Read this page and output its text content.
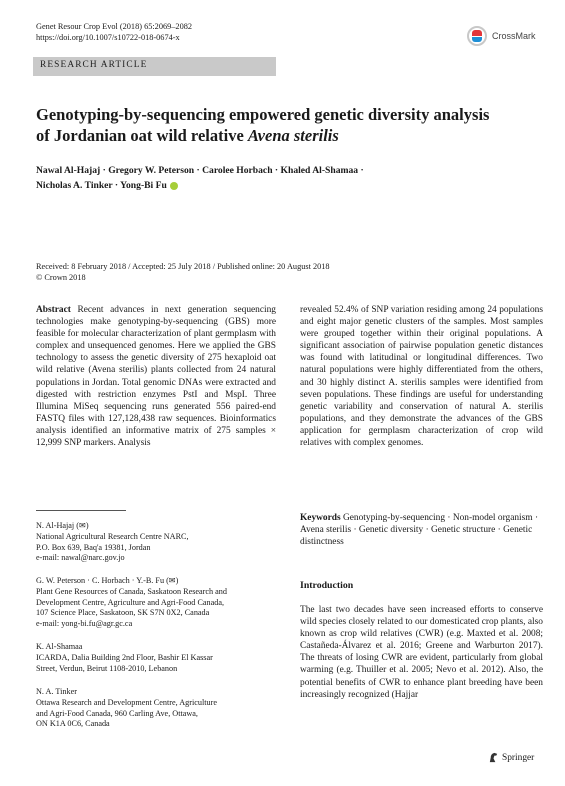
Genet Resour Crop Evol (2018) 65:2069–2082
https://doi.org/10.1007/s10722-018-0674-x	CrossMark
RESEARCH ARTICLE
Genotyping-by-sequencing empowered genetic diversity analysis of Jordanian oat wild relative Avena sterilis
Nawal Al-Hajaj · Gregory W. Peterson · Carolee Horbach · Khaled Al-Shamaa ·
Nicholas A. Tinker · Yong-Bi Fu
Received: 8 February 2018 / Accepted: 25 July 2018 / Published online: 20 August 2018
© Crown 2018

Abstract Recent advances in next generation sequencing technologies make genotyping-by-sequencing (GBS) more feasible for molecular characterization of plant germplasm with complex and unsequenced genomes. Here we applied the GBS technology to assess the genetic diversity of 275 hexaploid oat wild relative (Avena sterilis) plants collected from 24 natural populations in Jordan. Total genomic DNAs were extracted and digested with restriction enzymes PstI and MspI. Three Illumina MiSeq sequencing runs generated 556 paired-end FASTQ files with 127,128,438 raw sequences. Bioinformatics analysis identified an informative matrix of 275 samples × 12,999 SNP markers. Analysis

revealed 52.4% of SNP variation residing among 24 populations and eight major genetic clusters of the samples. Most samples were grouped together within their original populations. A significant association of pairwise population genetic distances was found with latitudinal or longitudinal differences. Two natural populations were highly differentiated from the others, and 30 highly distinct A. sterilis samples were identified from seven populations. These findings are useful for understanding genetic variability and conservation of natural A. sterilis populations, and they demonstrate the advances of the GBS application for germplasm characterization of crop wild relatives with complex genomes.

N. Al-Hajaj (✉)
National Agricultural Research Centre NARC,
P.O. Box 639, Baq'a 19381, Jordan
e-mail: nawal@narc.gov.jo
G. W. Peterson · C. Horbach · Y.-B. Fu (✉)
Plant Gene Resources of Canada, Saskatoon Research and
Development Centre, Agriculture and Agri-Food Canada,
107 Science Place, Saskatoon, SK S7N 0X2, Canada
e-mail: yong-bi.fu@agr.gc.ca
K. Al-Shamaa
ICARDA, Dalia Building 2nd Floor, Bashir El Kassar
Street, Verdun, Beirut 1108-2010, Lebanon
N. A. Tinker
Ottawa Research and Development Centre, Agriculture
and Agri-Food Canada, 960 Carling Ave, Ottawa,
ON K1A 0C6, Canada

Keywords Genotyping-by-sequencing · Non-model organism · Avena sterilis · Genetic diversity · Genetic structure · Genetic distinctness

Introduction

The last two decades have seen increased efforts to conserve wild species closely related to our domesticated crop plants, also known as crop wild relatives (CWR) (e.g. Maxted et al. 2008; Castañeda-Álvarez et al. 2016; Greene and Warburton 2017). The threats of losing CWR are evident, particularly from global warming (e.g. Thuiller et al. 2005; Nevo et al. 2012). Also, the potential benefits of CWR to enhance plant breeding have been increasingly recognized (Hajjar

Springer
